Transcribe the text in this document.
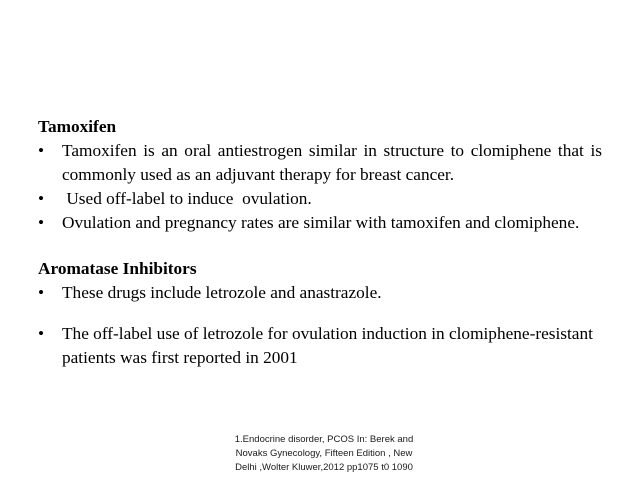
Tamoxifen

• Tamoxifen is an oral antiestrogen similar in structure to clomiphene that is commonly used as an adjuvant therapy for breast cancer.

• Used off-label to induce  ovulation.

• Ovulation and pregnancy rates are similar with tamoxifen and clomiphene.

Aromatase Inhibitors

• These drugs include letrozole and anastrazole.

• The off-label use of letrozole for ovulation induction in clomiphene-resistant patients was first reported in 2001

1.Endocrine disorder, PCOS In: Berek and
Novaks Gynecology, Fifteen Edition , New
Delhi ,Wolter Kluwer,2012 pp1075 t0 1090
